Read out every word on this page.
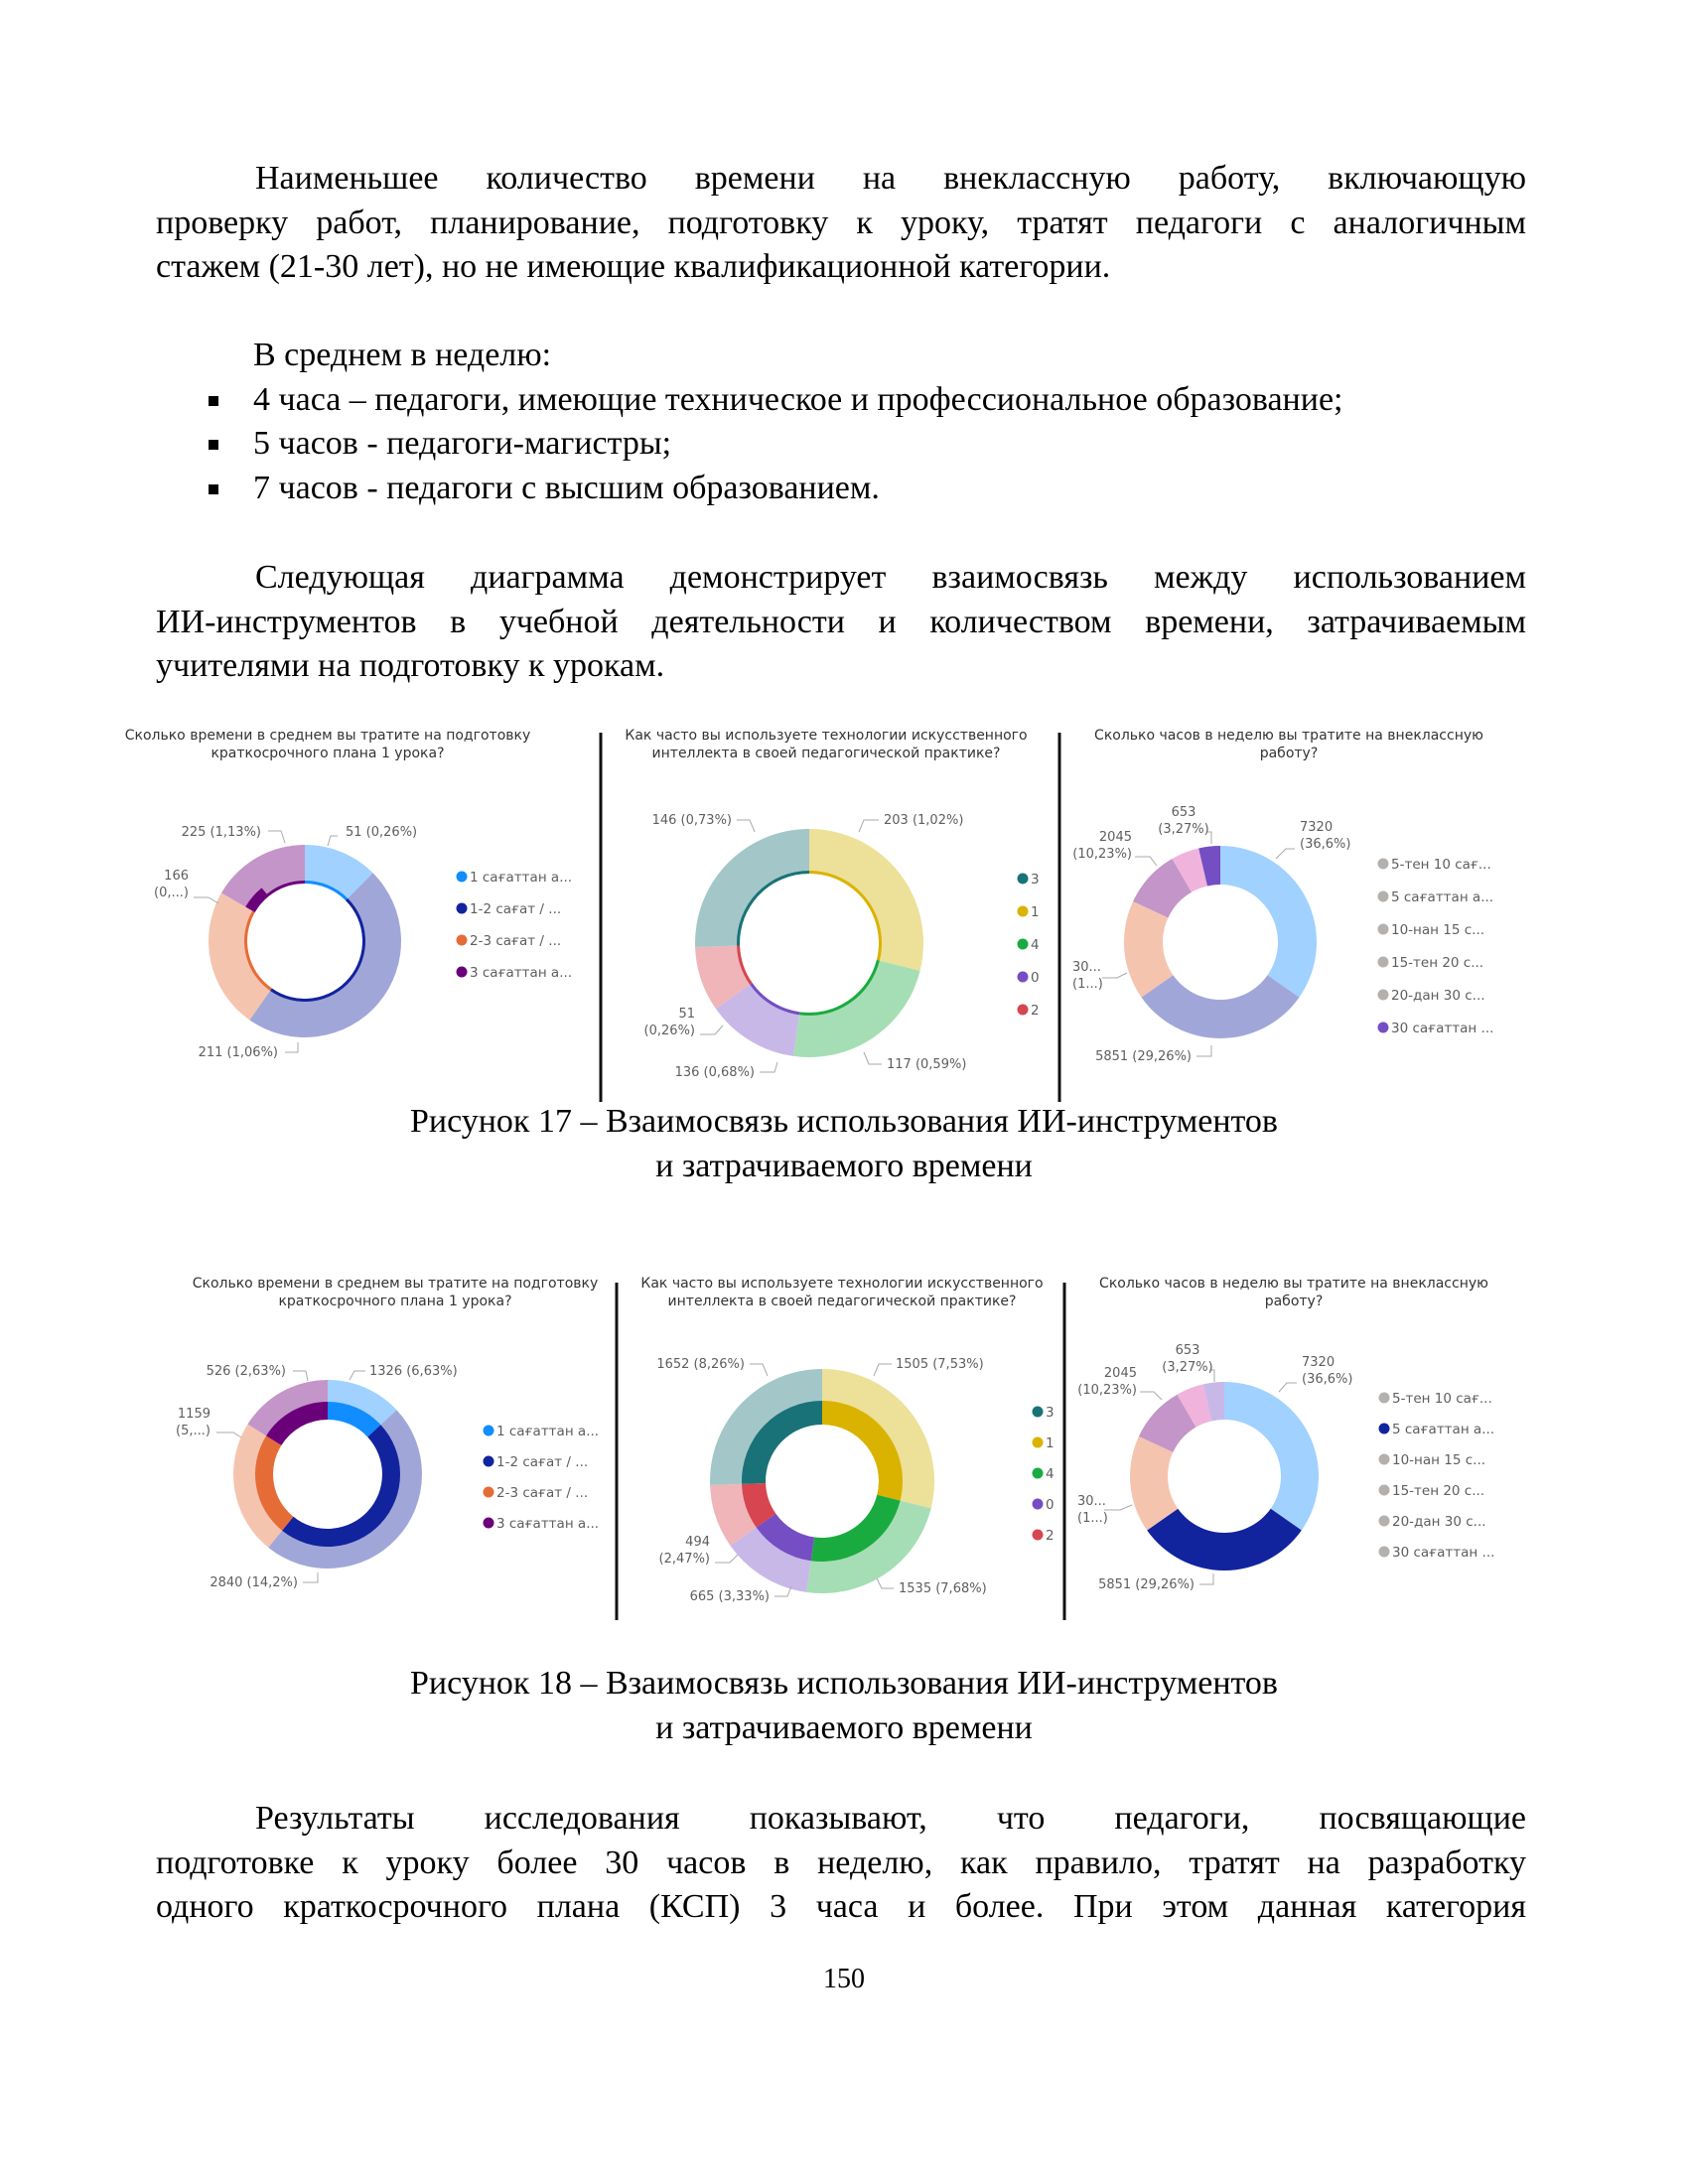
Наименьшее количество времени на внеклассную работу, включающую
проверку работ, планирование, подготовку к уроку, тратят педагоги с аналогичным
стажем (21-30 лет), но не имеющие квалификационной категории.
В среднем в неделю:
4 часа – педагоги, имеющие техническое и профессиональное образование;
5 часов - педагоги-магистры;
7 часов - педагоги с высшим образованием.
Следующая диаграмма демонстрирует взаимосвязь между использованием
ИИ-инструментов в учебной деятельности и количеством времени, затрачиваемым
учителями на подготовку к урокам.
Сколько времени в среднем вы тратите на подготовку
краткосрочного плана 1 урока?
51 (0,26%)
211 (1,06%)
166
(0,...)
225 (1,13%)
1 сағаттан а...
1-2 сағат / ...
2-3 сағат / ...
3 сағаттан а...
Как часто вы используете технологии искусственного
интеллекта в своей педагогической практике?
203 (1,02%)
117 (0,59%)
136 (0,68%)
51
(0,26%)
146 (0,73%)
3
1
4
0
2
Сколько часов в неделю вы тратите на внеклассную
работу?
7320
(36,6%)
5851 (29,26%)
30...
(1...)
2045
(10,23%)
653
(3,27%)
5-тен 10 сағ...
5 сағаттан а...
10-нан 15 с...
15-тен 20 с...
20-дан 30 с...
30 сағаттан ...
Рисунок 17 – Взаимосвязь использования ИИ-инструментов
и затрачиваемого времени
Сколько времени в среднем вы тратите на подготовку
краткосрочного плана 1 урока?
1326 (6,63%)
2840 (14,2%)
1159
(5,...)
526 (2,63%)
1 сағаттан а...
1-2 сағат / ...
2-3 сағат / ...
3 сағаттан а...
Как часто вы используете технологии искусственного
интеллекта в своей педагогической практике?
1505 (7,53%)
1535 (7,68%)
665 (3,33%)
494
(2,47%)
1652 (8,26%)
3
1
4
0
2
Сколько часов в неделю вы тратите на внеклассную
работу?
7320
(36,6%)
5851 (29,26%)
30...
(1...)
2045
(10,23%)
653
(3,27%)
5-тен 10 сағ...
5 сағаттан а...
10-нан 15 с...
15-тен 20 с...
20-дан 30 с...
30 сағаттан ...
Рисунок 18 – Взаимосвязь использования ИИ-инструментов
и затрачиваемого времени
Результаты исследования показывают, что педагоги, посвящающие
подготовке к уроку более 30 часов в неделю, как правило, тратят на разработку
одного краткосрочного плана (КСП) 3 часа и более. При этом данная категория
150
